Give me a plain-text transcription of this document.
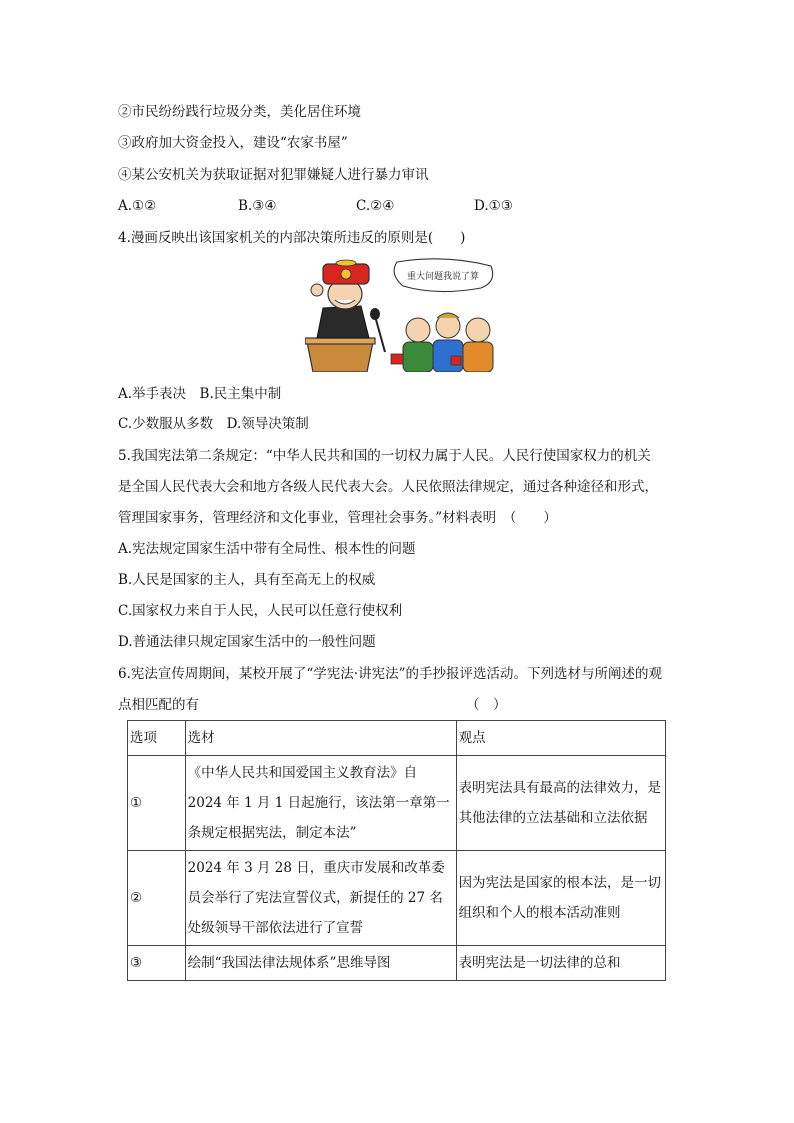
②市民纷纷践行垃圾分类，美化居住环境
③政府加大资金投入，建设“农家书屋”
④某公安机关为获取证据对犯罪嫌疑人进行暴力审讯
A.①②	B.③④	C.②④	D.①③
4.漫画反映出该国家机关的内部决策所违反的原则是(　　)
重大问题我说了算
A.举手表决　B.民主集中制
C.少数服从多数　D.领导决策制
5.我国宪法第二条规定：“中华人民共和国的一切权力属于人民。人民行使国家权力的机关
是全国人民代表大会和地方各级人民代表大会。人民依照法律规定，通过各种途径和形式，
管理国家事务，管理经济和文化事业，管理社会事务。”材料表明　（　　）
A.宪法规定国家生活中带有全局性、根本性的问题
B.人民是国家的主人，具有至高无上的权威
C.国家权力来自于人民，人民可以任意行使权利
D.普通法律只规定国家生活中的一般性问题
6.宪法宣传周期间，某校开展了“学宪法·讲宪法”的手抄报评选活动。下列选材与所阐述的观
点相匹配的有	（　）
选项	选材	观点
①	《中华人民共和国爱国主义教育法》自 2024 年 1 月 1 日起施行，该法第一章第一条规定根据宪法，制定本法”	表明宪法具有最高的法律效力，是其他法律的立法基础和立法依据
②	2024 年 3 月 28 日，重庆市发展和改革委员会举行了宪法宣誓仪式，新提任的 27 名处级领导干部依法进行了宣誓	因为宪法是国家的根本法，是一切组织和个人的根本活动准则
③	绘制“我国法律法规体系”思维导图	表明宪法是一切法律的总和
